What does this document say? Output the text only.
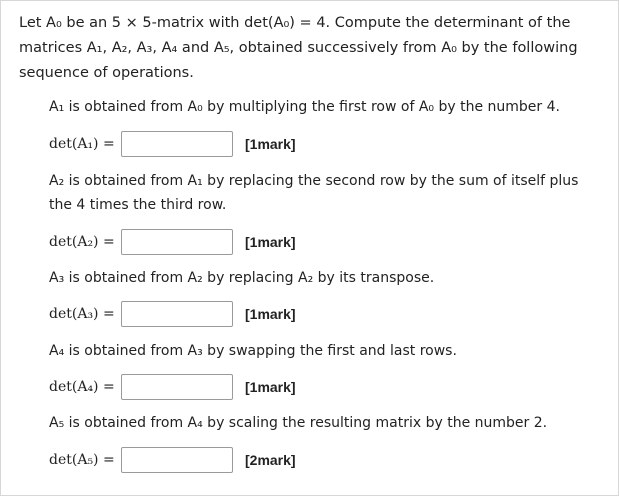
Let A₀ be an 5 × 5-matrix with det(A₀) = 4. Compute the determinant of the matrices A₁, A₂, A₃, A₄ and A₅, obtained successively from A₀ by the following sequence of operations.
A₁ is obtained from A₀ by multiplying the first row of A₀ by the number 4.
det(A₁) =	[1mark]
A₂ is obtained from A₁ by replacing the second row by the sum of itself plus the 4 times the third row.
det(A₂) =	[1mark]
A₃ is obtained from A₂ by replacing A₂ by its transpose.
det(A₃) =	[1mark]
A₄ is obtained from A₃ by swapping the first and last rows.
det(A₄) =	[1mark]
A₅ is obtained from A₄ by scaling the resulting matrix by the number 2.
det(A₅) =	[2mark]
